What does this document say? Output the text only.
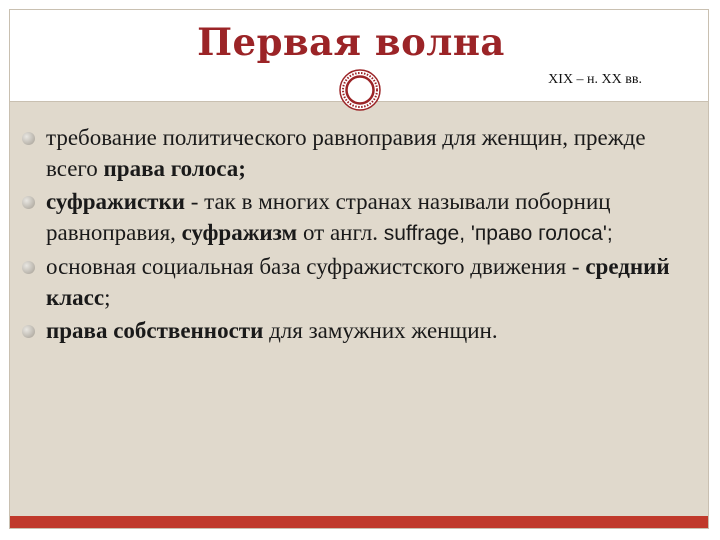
Первая волна
XIX – н. XX вв.
требование политического равноправия для женщин, прежде всего права голоса;
суфражистки - так в многих странах называли поборниц равноправия, суфражизм от англ. suffrage, 'право голоса';
основная социальная база суфражистского движения - средний класс;
права собственности для замужних женщин.
